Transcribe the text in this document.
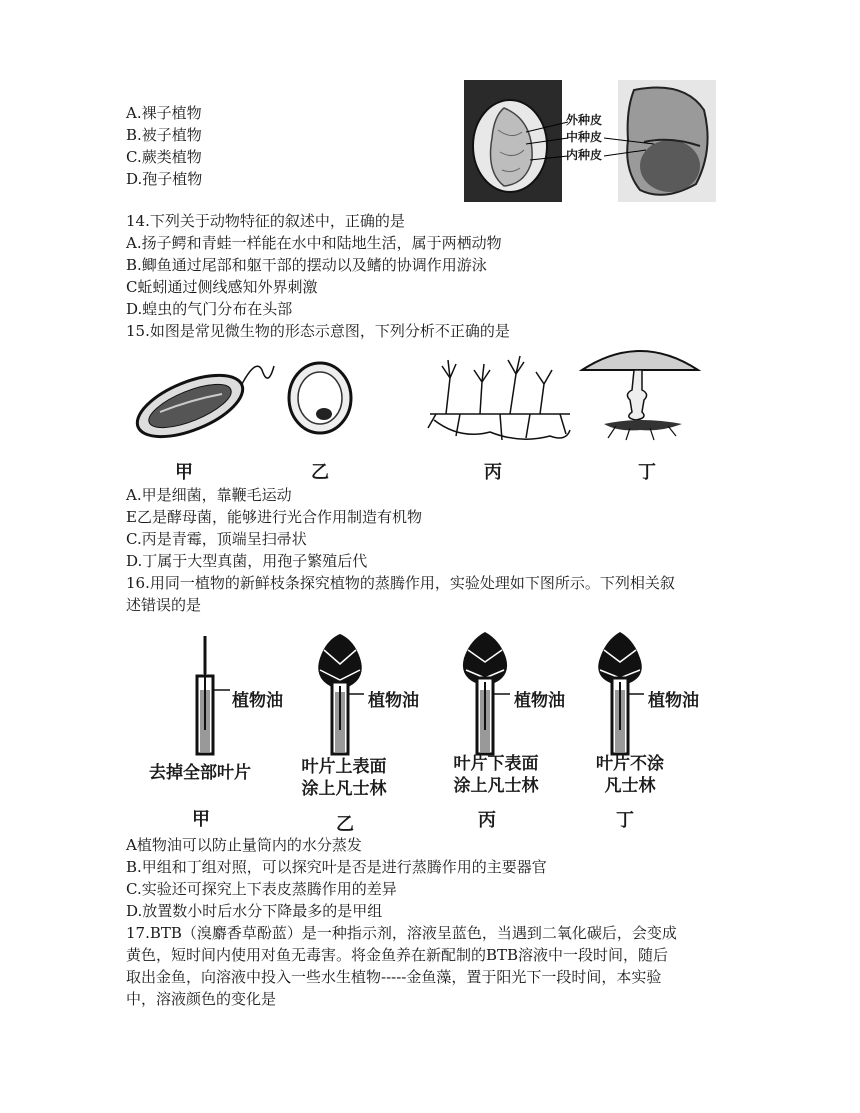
A.裸子植物
B.被子植物
C.蕨类植物
D.孢子植物
外种皮
中种皮
内种皮
14.下列关于动物特征的叙述中，正确的是
A.扬子鳄和青蛙一样能在水中和陆地生活，属于两栖动物
B.鲫鱼通过尾部和躯干部的摆动以及鳍的协调作用游泳
C蚯蚓通过侧线感知外界刺激
D.蝗虫的气门分布在头部
15.如图是常见微生物的形态示意图，下列分析不正确的是
甲	乙	丙	丁
A.甲是细菌，靠鞭毛运动
E乙是酵母菌，能够进行光合作用制造有机物
C.丙是青霉，顶端呈扫帚状
D.丁属于大型真菌，用孢子繁殖后代
16.用同一植物的新鲜枝条探究植物的蒸腾作用，实验处理如下图所示。下列相关叙
述错误的是
植物油	植物油	植物油	植物油
去掉全部叶片	叶片上表面
涂上凡士林
叶片下表面
涂上凡士林
叶片不涂
凡士林
甲	乙	丙	丁
A植物油可以防止量筒内的水分蒸发
B.甲组和丁组对照，可以探究叶是否是进行蒸腾作用的主要器官
C.实验还可探究上下表皮蒸腾作用的差异
D.放置数小时后水分下降最多的是甲组
17.BTB（溴麝香草酚蓝）是一种指示剂，溶液呈蓝色，当遇到二氧化碳后，会变成
黄色，短时间内使用对鱼无毒害。将金鱼养在新配制的BTB溶液中一段时间，随后
取出金鱼，向溶液中投入一些水生植物-----金鱼藻，置于阳光下一段时间，本实验
中，溶液颜色的变化是
